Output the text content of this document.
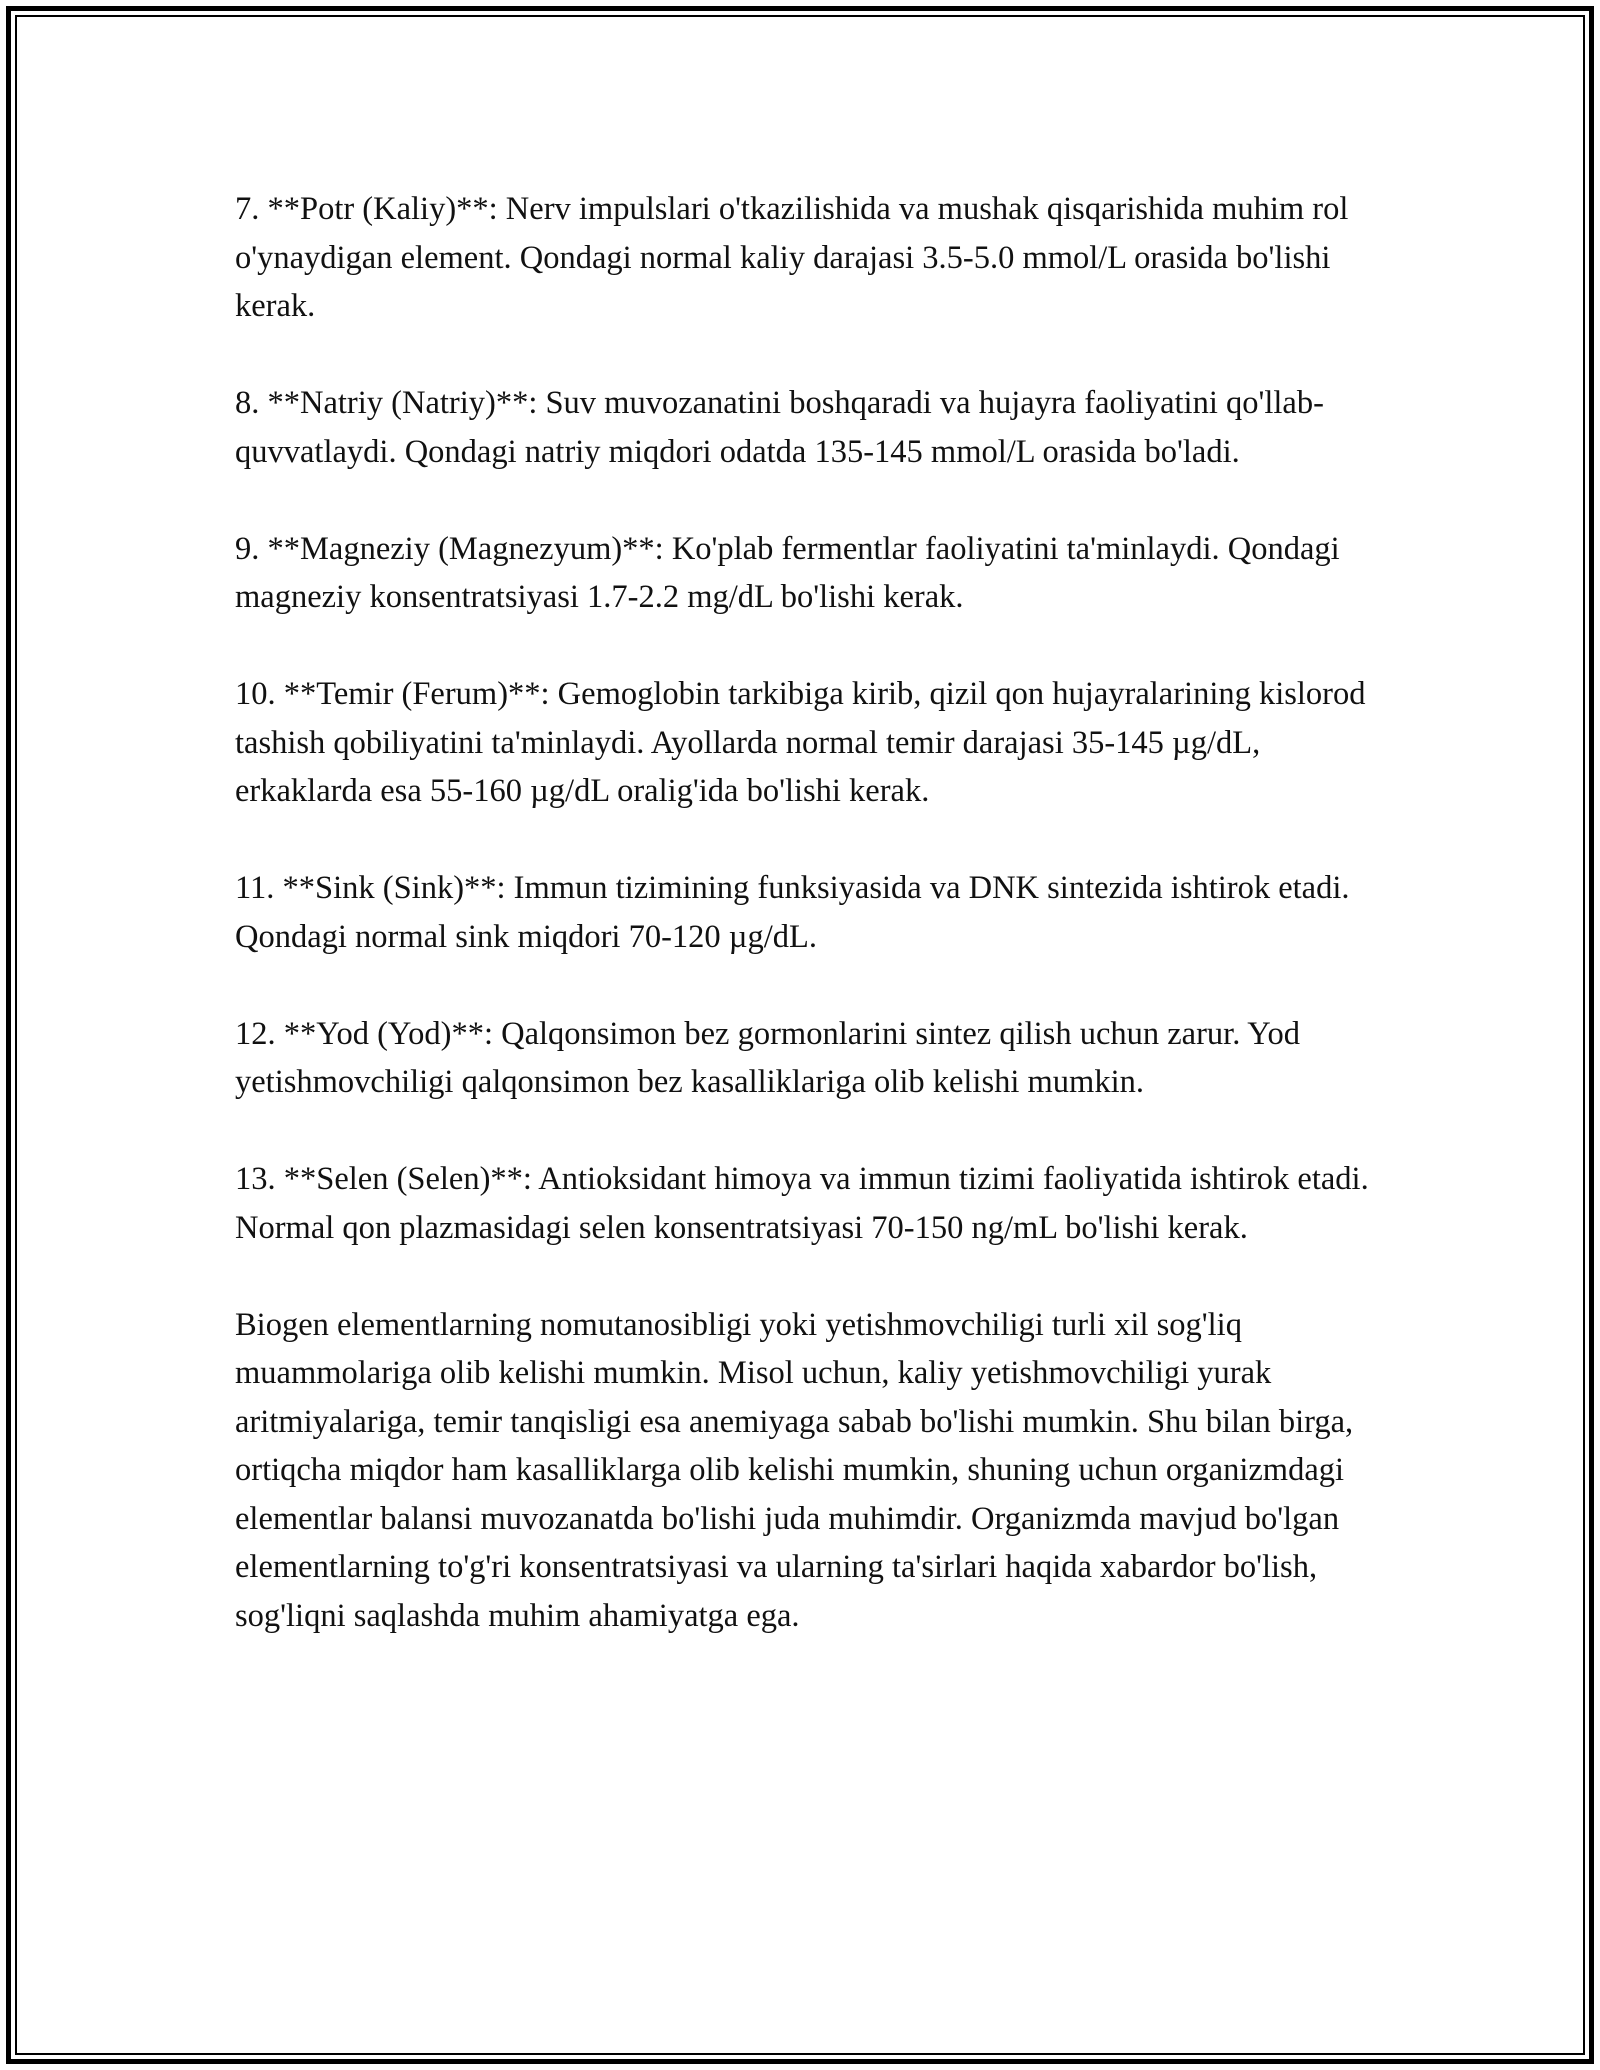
7. **Potr (Kaliy)**: Nerv impulslari o'tkazilishida va mushak qisqarishida muhim rol o'ynaydigan element. Qondagi normal kaliy darajasi 3.5-5.0 mmol/L orasida bo'lishi kerak.

8. **Natriy (Natriy)**: Suv muvozanatini boshqaradi va hujayra faoliyatini qo'llab-quvvatlaydi. Qondagi natriy miqdori odatda 135-145 mmol/L orasida bo'ladi.

9. **Magneziy (Magnezyum)**: Ko'plab fermentlar faoliyatini ta'minlaydi. Qondagi magneziy konsentratsiyasi 1.7-2.2 mg/dL bo'lishi kerak.

10. **Temir (Ferum)**: Gemoglobin tarkibiga kirib, qizil qon hujayralarining kislorod tashish qobiliyatini ta'minlaydi. Ayollarda normal temir darajasi 35-145 µg/dL, erkaklarda esa 55-160 µg/dL oralig'ida bo'lishi kerak.

11. **Sink (Sink)**: Immun tizimining funksiyasida va DNK sintezida ishtirok etadi. Qondagi normal sink miqdori 70-120 µg/dL.

12. **Yod (Yod)**: Qalqonsimon bez gormonlarini sintez qilish uchun zarur. Yod yetishmovchiligi qalqonsimon bez kasalliklariga olib kelishi mumkin.

13. **Selen (Selen)**: Antioksidant himoya va immun tizimi faoliyatida ishtirok etadi. Normal qon plazmasidagi selen konsentratsiyasi 70-150 ng/mL bo'lishi kerak.

Biogen elementlarning nomutanosibligi yoki yetishmovchiligi turli xil sog'liq muammolariga olib kelishi mumkin. Misol uchun, kaliy yetishmovchiligi yurak aritmiyalariga, temir tanqisligi esa anemiyaga sabab bo'lishi mumkin. Shu bilan birga, ortiqcha miqdor ham kasalliklarga olib kelishi mumkin, shuning uchun organizmdagi elementlar balansi muvozanatda bo'lishi juda muhimdir. Organizmda mavjud bo'lgan elementlarning to'g'ri konsentratsiyasi va ularning ta'sirlari haqida xabardor bo'lish, sog'liqni saqlashda muhim ahamiyatga ega.
